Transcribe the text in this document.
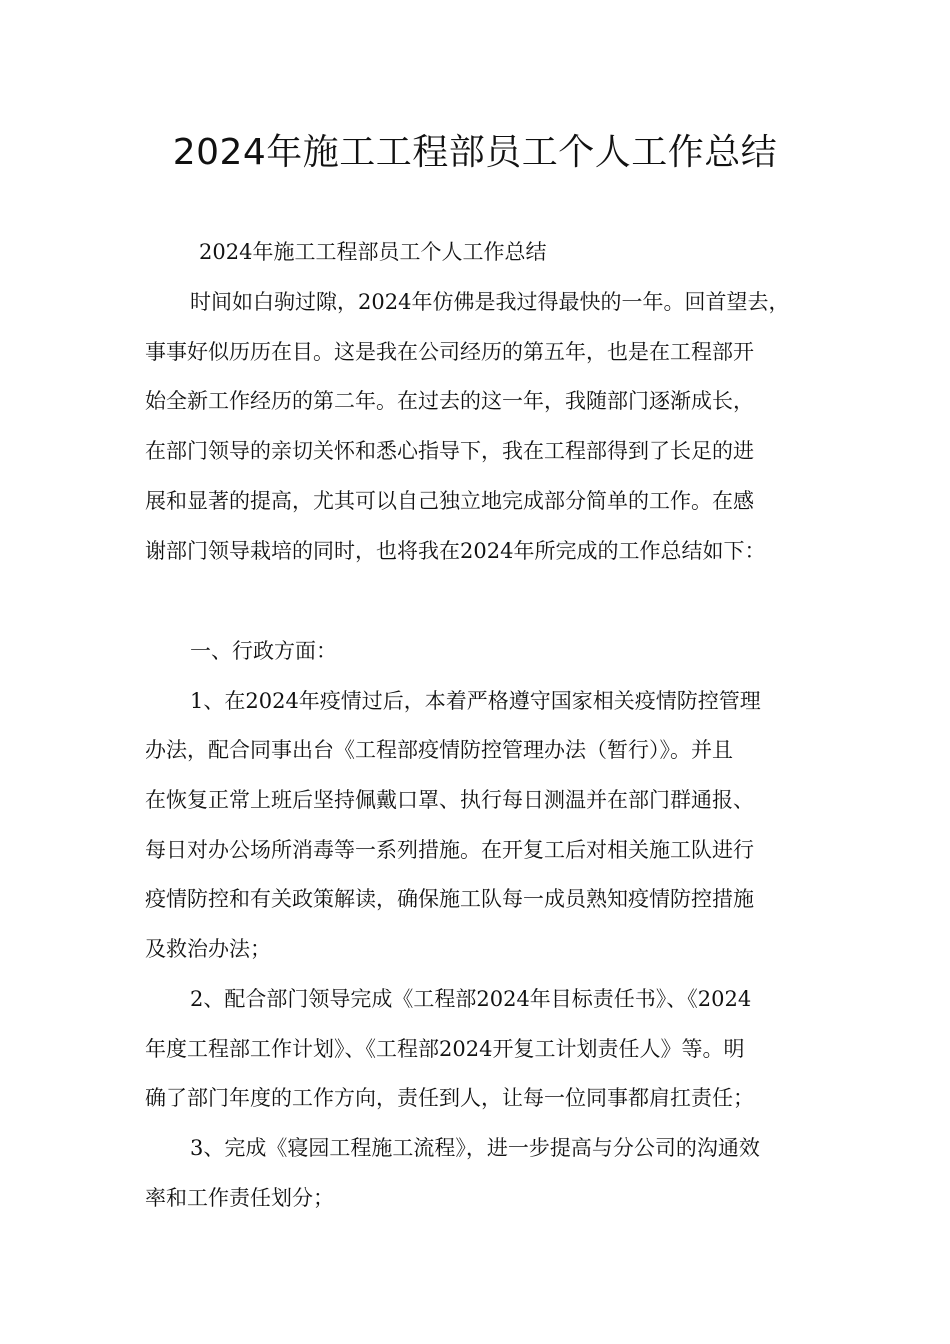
2024年施工工程部员工个人工作总结

2024年施工工程部员工个人工作总结

时间如白驹过隙，2024年仿佛是我过得最快的一年。回首望去，

事事好似历历在目。这是我在公司经历的第五年，也是在工程部开

始全新工作经历的第二年。在过去的这一年，我随部门逐渐成长，

在部门领导的亲切关怀和悉心指导下，我在工程部得到了长足的进

展和显著的提高，尤其可以自己独立地完成部分简单的工作。在感

谢部门领导栽培的同时，也将我在2024年所完成的工作总结如下：

一、行政方面：

1、在2024年疫情过后，本着严格遵守国家相关疫情防控管理

办法，配合同事出台《工程部疫情防控管理办法（暂行）》。并且

在恢复正常上班后坚持佩戴口罩、执行每日测温并在部门群通报、

每日对办公场所消毒等一系列措施。在开复工后对相关施工队进行

疫情防控和有关政策解读，确保施工队每一成员熟知疫情防控措施

及救治办法；

2、配合部门领导完成《工程部2024年目标责任书》、《2024

年度工程部工作计划》、《工程部2024开复工计划责任人》等。明

确了部门年度的工作方向，责任到人，让每一位同事都肩扛责任；

3、完成《寝园工程施工流程》，进一步提高与分公司的沟通效

率和工作责任划分；
